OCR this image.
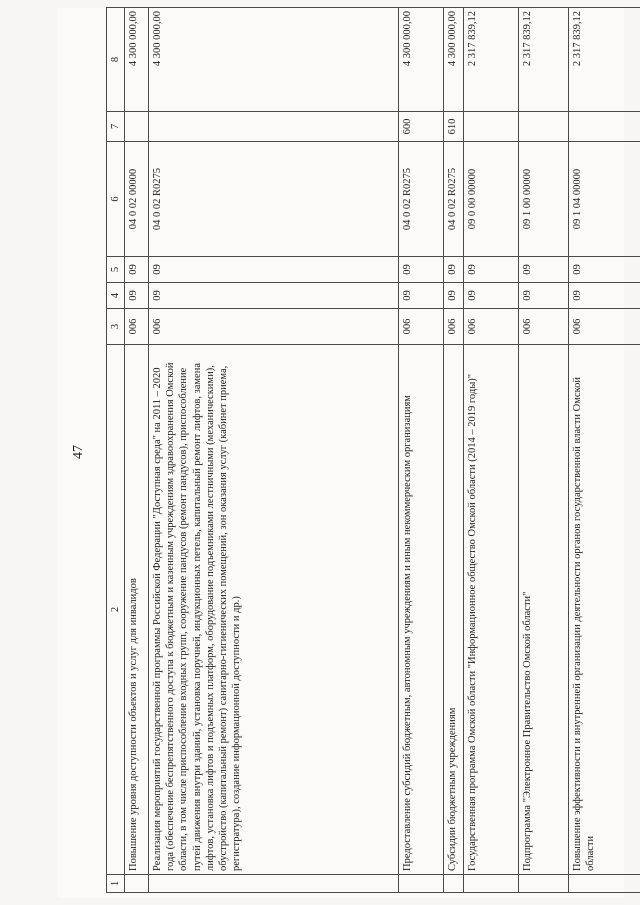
47
1	2	3	4	5	6	7	8
	Повышение уровня доступности объектов и услуг для инвалидов	006	09	09	04 0 02 00000		4 300 000,00
	Реализация мероприятий государственной программы Российской Федерации "Доступная среда" на 2011 – 2020 года (обеспечение беспрепятственного доступа к бюджетным и казенным учреждениям здравоохранения Омской области, в том числе приспособление входных групп, сооружение пандусов (ремонт пандусов), приспособление путей движения внутри зданий, установка поручней, индукционных петель, капитальный ремонт лифтов, замена лифтов, установка лифтов и подъемных платформ, оборудование подъемниками лестничными (механическими), обустройство (капитальный ремонт) санитарно-гигиенических помещений, зон оказания услуг (кабинет приема, регистратура), создание информационной доступности и др.)	006	09	09	04 0 02 R0275		4 300 000,00
	Предоставление субсидий бюджетным, автономным учреждениям и иным некоммерческим организациям	006	09	09	04 0 02 R0275	600	4 300 000,00
	Субсидии бюджетным учреждениям	006	09	09	04 0 02 R0275	610	4 300 000,00
	Государственная программа Омской области "Информационное общество Омской области (2014 – 2019 годы)"	006	09	09	09 0 00 00000		2 317 839,12
	Подпрограмма "Электронное Правительство Омской области"	006	09	09	09 1 00 00000		2 317 839,12
	Повышение эффективности и внутренней организации деятельности органов государственной власти Омской области	006	09	09	09 1 04 00000		2 317 839,12
